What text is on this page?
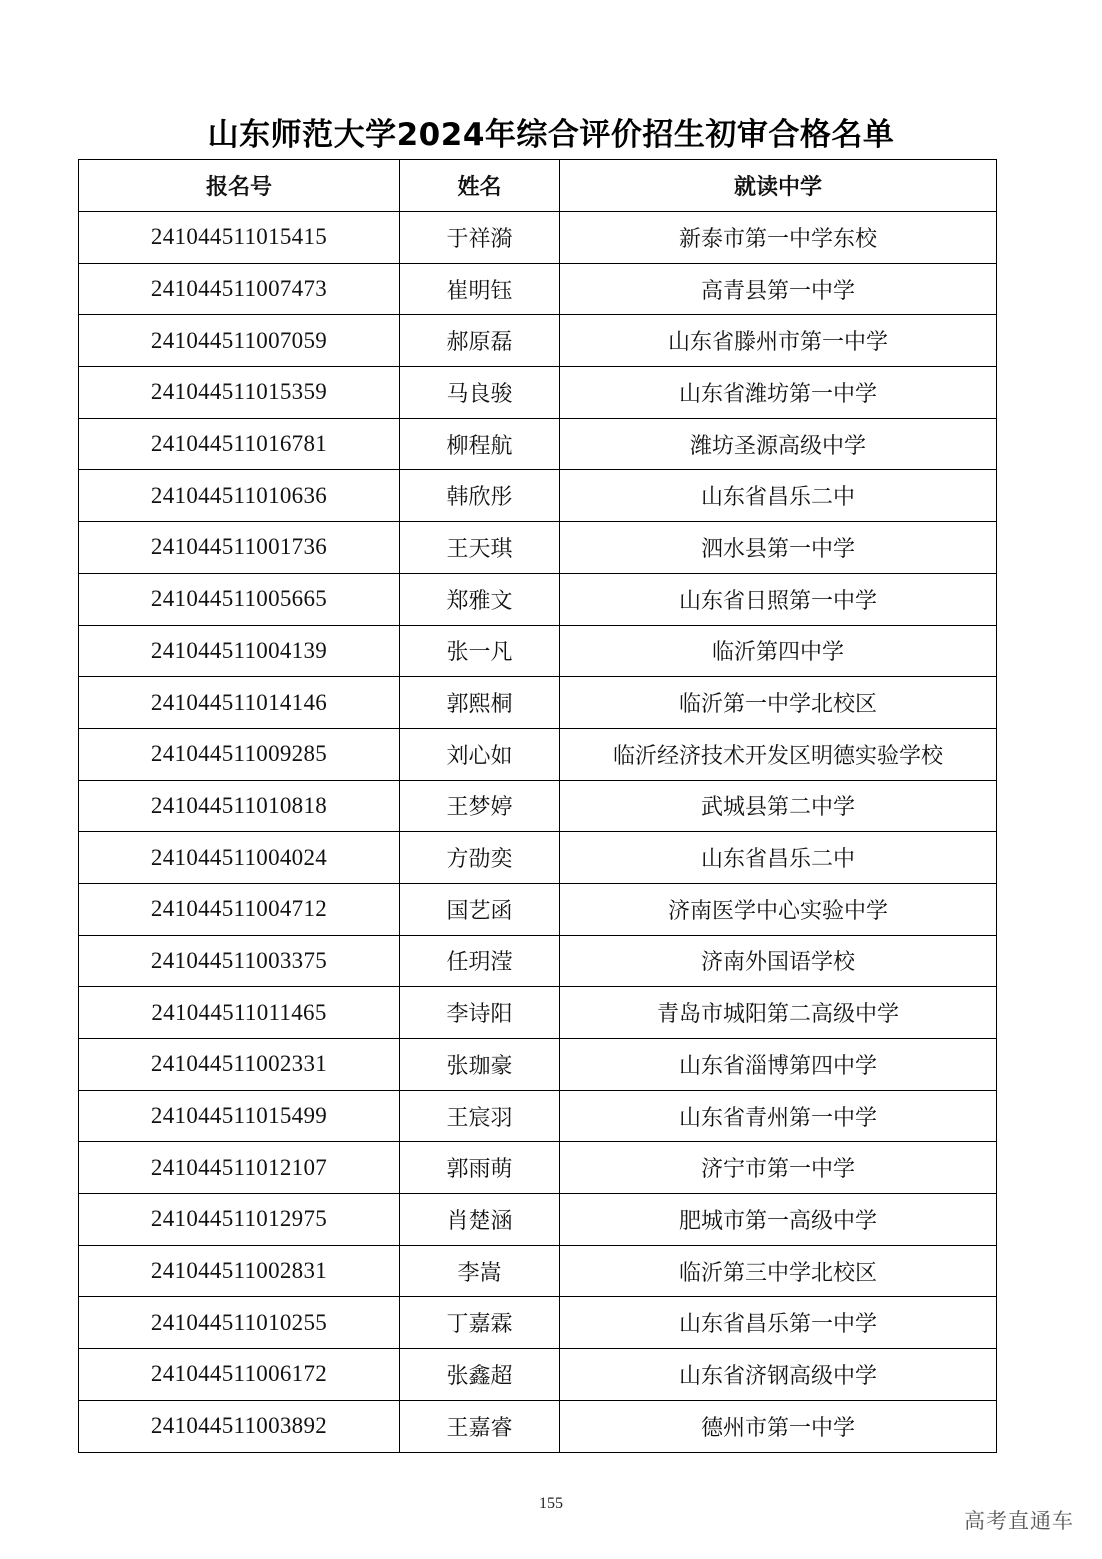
山东师范大学2024年综合评价招生初审合格名单
报名号	姓名	就读中学
241044511015415	于祥漪	新泰市第一中学东校
241044511007473	崔明钰	高青县第一中学
241044511007059	郝原磊	山东省滕州市第一中学
241044511015359	马良骏	山东省潍坊第一中学
241044511016781	柳程航	潍坊圣源高级中学
241044511010636	韩欣彤	山东省昌乐二中
241044511001736	王天琪	泗水县第一中学
241044511005665	郑雅文	山东省日照第一中学
241044511004139	张一凡	临沂第四中学
241044511014146	郭熙桐	临沂第一中学北校区
241044511009285	刘心如	临沂经济技术开发区明德实验学校
241044511010818	王梦婷	武城县第二中学
241044511004024	方劭奕	山东省昌乐二中
241044511004712	国艺函	济南医学中心实验中学
241044511003375	任玥滢	济南外国语学校
241044511011465	李诗阳	青岛市城阳第二高级中学
241044511002331	张珈豪	山东省淄博第四中学
241044511015499	王宸羽	山东省青州第一中学
241044511012107	郭雨萌	济宁市第一中学
241044511012975	肖楚涵	肥城市第一高级中学
241044511002831	李嵩	临沂第三中学北校区
241044511010255	丁嘉霖	山东省昌乐第一中学
241044511006172	张鑫超	山东省济钢高级中学
241044511003892	王嘉睿	德州市第一中学
155
高考直通车
